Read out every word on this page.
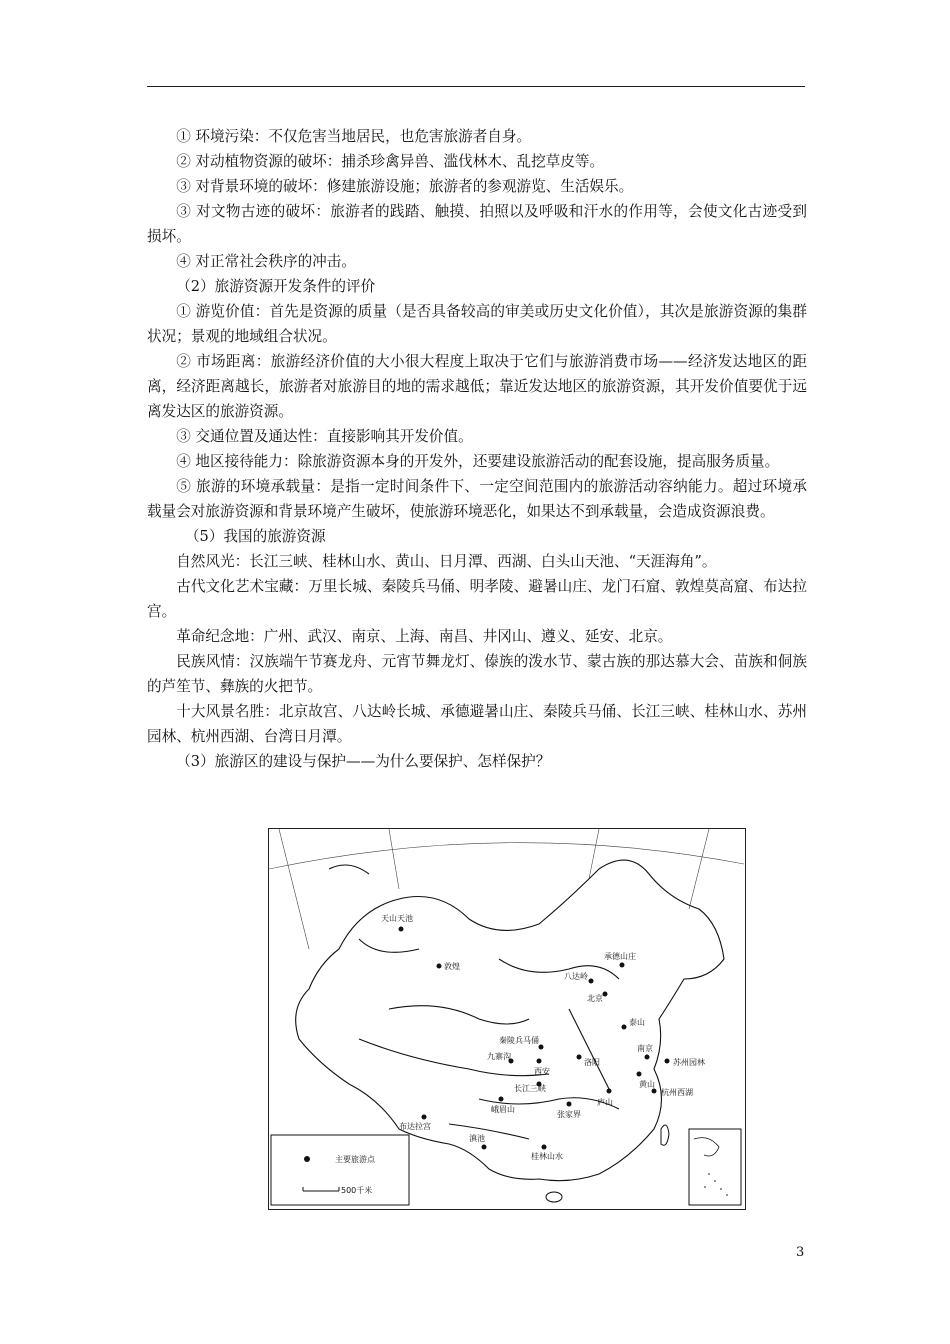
① 环境污染：不仅危害当地居民，也危害旅游者自身。

② 对动植物资源的破坏：捕杀珍禽异兽、滥伐林木、乱挖草皮等。

③ 对背景环境的破坏：修建旅游设施；旅游者的参观游览、生活娱乐。

③ 对文物古迹的破坏：旅游者的践踏、触摸、拍照以及呼吸和汗水的作用等，会使文化古迹受到损坏。

④ 对正常社会秩序的冲击。

（2）旅游资源开发条件的评价

① 游览价值：首先是资源的质量（是否具备较高的审美或历史文化价值），其次是旅游资源的集群状况；景观的地域组合状况。

② 市场距离：旅游经济价值的大小很大程度上取决于它们与旅游消费市场——经济发达地区的距离，经济距离越长，旅游者对旅游目的地的需求越低；靠近发达地区的旅游资源，其开发价值要优于远离发达区的旅游资源。

③ 交通位置及通达性：直接影响其开发价值。

④ 地区接待能力：除旅游资源本身的开发外，还要建设旅游活动的配套设施，提高服务质量。

⑤ 旅游的环境承载量：是指一定时间条件下、一定空间范围内的旅游活动容纳能力。超过环境承载量会对旅游资源和背景环境产生破坏，使旅游环境恶化，如果达不到承载量，会造成资源浪费。

（5）我国的旅游资源

自然风光：长江三峡、桂林山水、黄山、日月潭、西湖、白头山天池、“天涯海角”。

古代文化艺术宝藏：万里长城、秦陵兵马俑、明孝陵、避暑山庄、龙门石窟、敦煌莫高窟、布达拉宫。

革命纪念地：广州、武汉、南京、上海、南昌、井冈山、遵义、延安、北京。

民族风情：汉族端午节赛龙舟、元宵节舞龙灯、傣族的泼水节、蒙古族的那达慕大会、苗族和侗族的芦笙节、彝族的火把节。

十大风景名胜：北京故宫、八达岭长城、承德避暑山庄、秦陵兵马俑、长江三峡、桂林山水、苏州园林、杭州西湖、台湾日月潭。

（3）旅游区的建设与保护——为什么要保护、怎样保护？

天山天池
敦煌
承德山庄
八达岭
北京
秦陵兵马俑
西安
洛阳
泰山
九寨沟
长江三峡
峨眉山
黄山
南京
苏州园林
杭州西湖
庐山
张家界
桂林山水
布达拉宫
滇池
主要旅游点
500千米
3
